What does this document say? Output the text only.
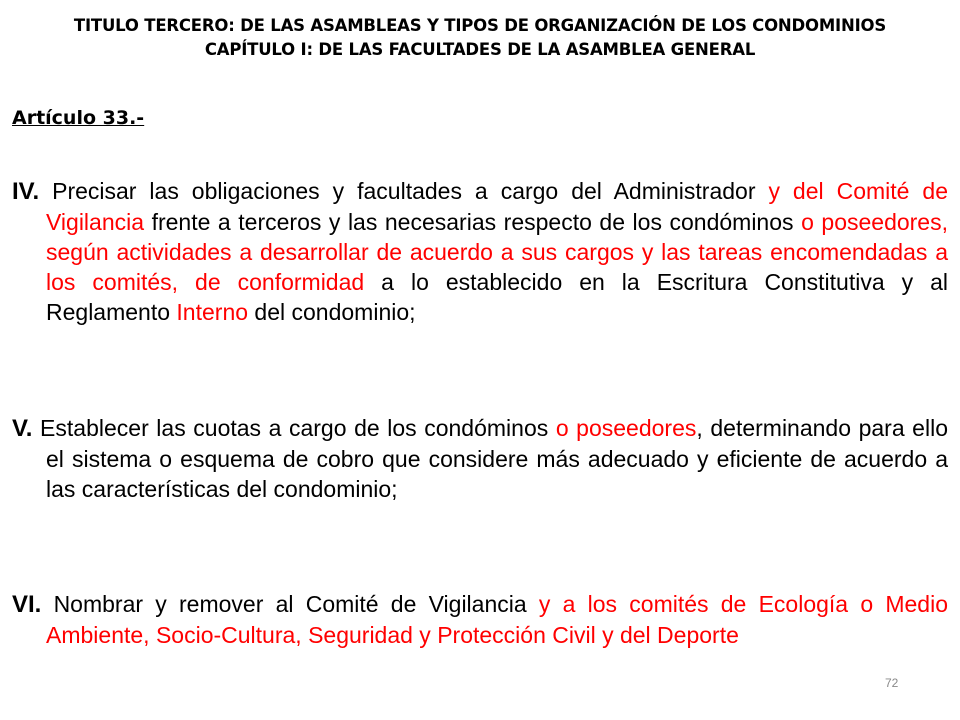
TITULO TERCERO: DE LAS ASAMBLEAS Y TIPOS DE ORGANIZACIÓN DE LOS CONDOMINIOS
CAPÍTULO I: DE LAS FACULTADES DE LA ASAMBLEA GENERAL
Artículo 33.-
IV. Precisar las obligaciones y facultades a cargo del Administrador y del Comité de Vigilancia frente a terceros y las necesarias respecto de los condóminos o poseedores, según actividades a desarrollar de acuerdo a sus cargos y las tareas encomendadas a los comités, de conformidad a lo establecido en la Escritura Constitutiva y al Reglamento Interno del condominio;
V. Establecer las cuotas a cargo de los condóminos o poseedores, determinando para ello el sistema o esquema de cobro que considere más adecuado y eficiente de acuerdo a las características del condominio;
VI. Nombrar y remover al Comité de Vigilancia y a los comités de Ecología o Medio Ambiente, Socio-Cultura, Seguridad y Protección Civil y del Deporte
72
